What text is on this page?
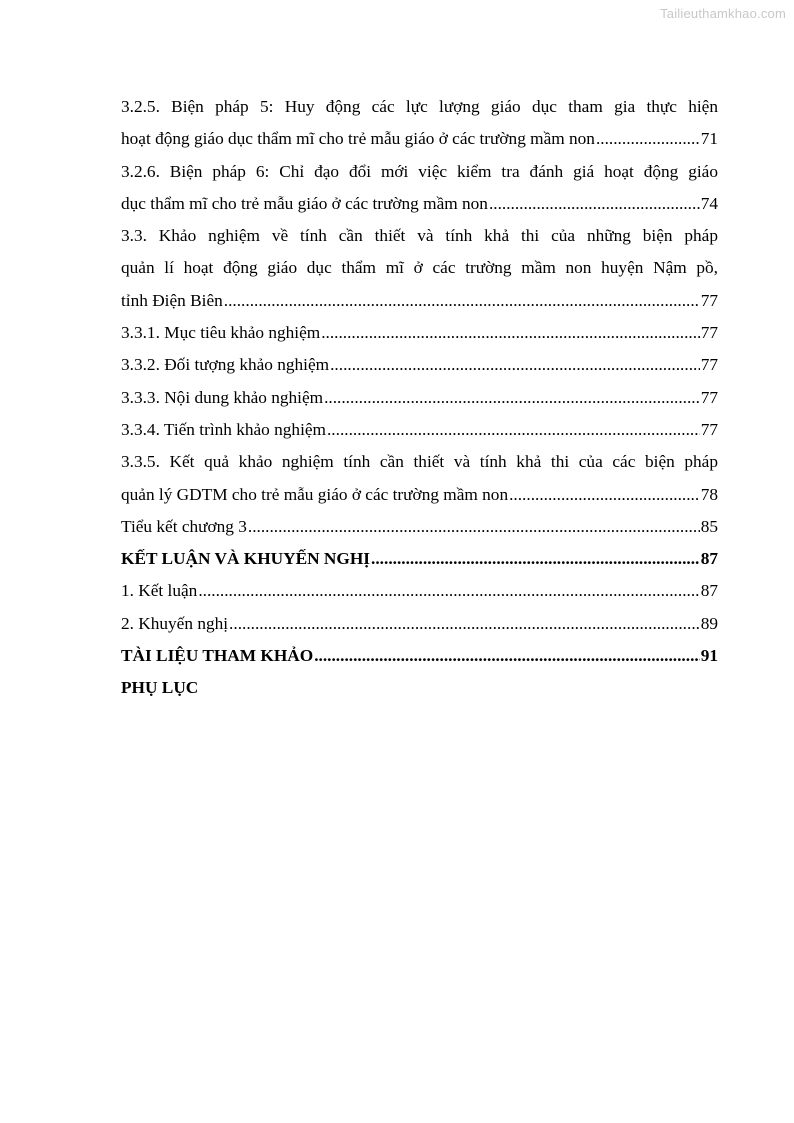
Tailieuthamkhao.com
3.2.5. Biện pháp 5: Huy động các lực lượng giáo dục tham gia thực hiện
hoạt động giáo dục thẩm mĩ cho trẻ mẫu giáo ở các trường mầm non .....	71
3.2.6. Biện pháp 6: Chỉ đạo đổi mới việc kiểm tra đánh giá hoạt động giáo
dục thẩm mĩ cho trẻ mẫu giáo ở các trường mầm non .....	74
3.3. Khảo nghiệm về tính cần thiết và tính khả thi của những biện pháp
quản lí hoạt động giáo dục thẩm mĩ ở các trường mầm non huyện Nậm pồ,
tỉnh Điện Biên .....	77
3.3.1. Mục tiêu khảo nghiệm .....	77
3.3.2. Đối tượng khảo nghiệm .....	77
3.3.3. Nội dung khảo nghiệm .....	77
3.3.4. Tiến trình khảo nghiệm .....	77
3.3.5. Kết quả khảo nghiệm tính cần thiết và tính khả thi của các biện pháp
quản lý GDTM cho trẻ mẫu giáo ở các trường mầm non .....	78
Tiểu kết chương 3 .....	85
KẾT LUẬN VÀ KHUYẾN NGHỊ .....	87
1. Kết luận .....	87
2. Khuyến nghị .....	89
TÀI LIỆU THAM KHẢO .....	91
PHỤ LỤC
